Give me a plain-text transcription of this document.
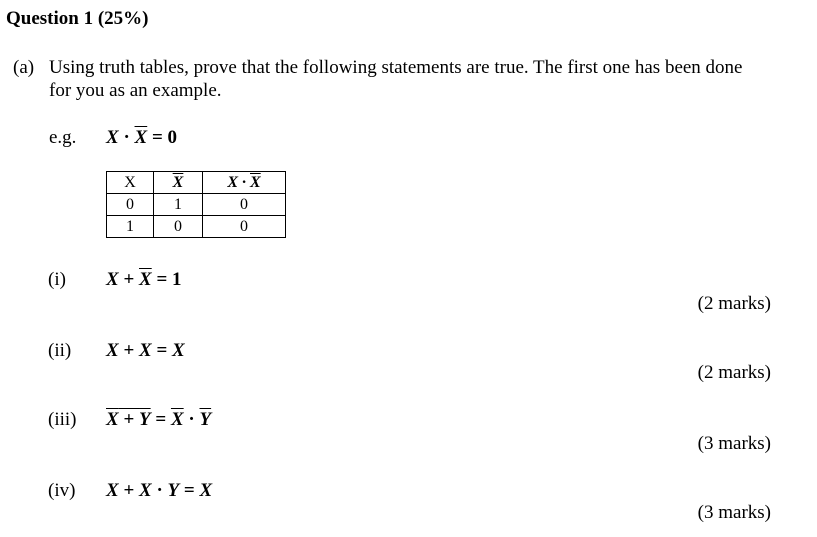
Question 1 (25%)
(a) Using truth tables, prove that the following statements are true. The first one has been done
for you as an example.
e.g. $X \cdot \overline{X} = 0$
X	$\overline{X}$	$X \cdot \overline{X}$
0	1	0
1	0	0
(i) $X + \overline{X} = 1$
(2 marks)
(ii) X + X = X
(2 marks)
(iii) $X + Y = \overline{X} \cdot \overline{Y}$
(3 marks)
(iv) X + X · Y = X
(3 marks)
